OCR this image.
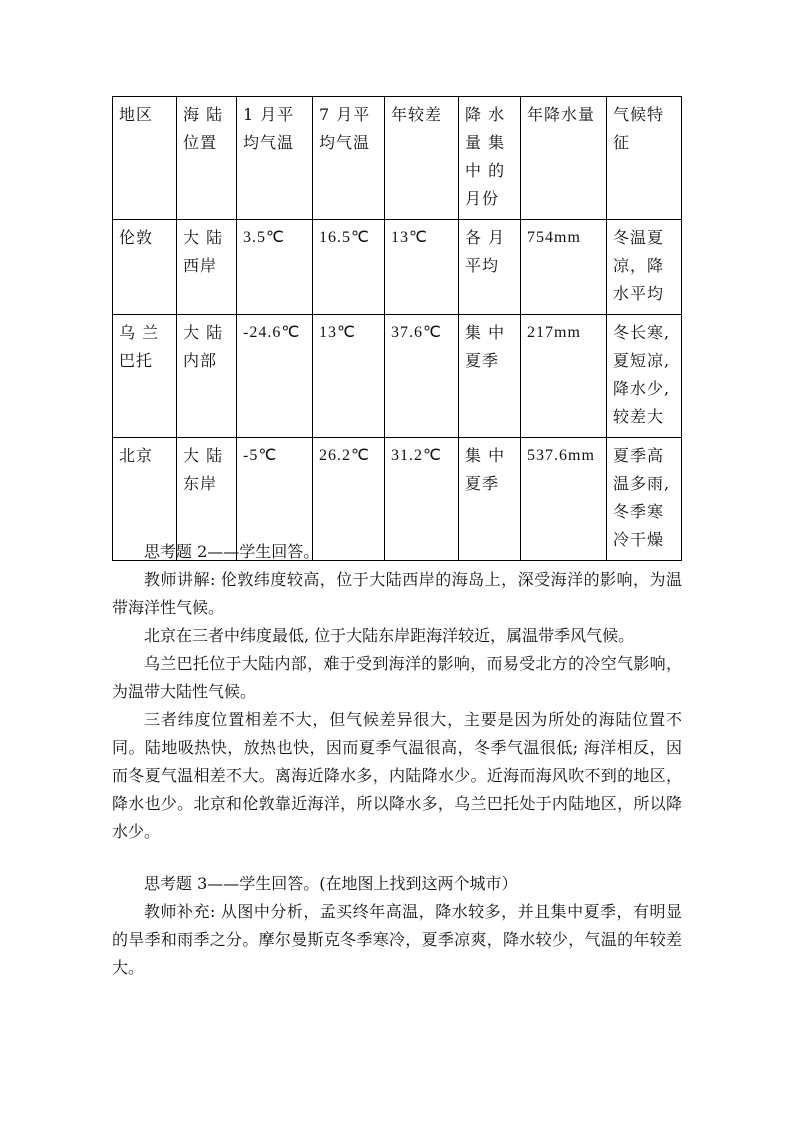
地区	海 陆位置	1 月平均气温	7 月平均气温	年较差	降 水量 集中 的月份	年降水量	气候特征
伦敦	大 陆西岸	3.5℃	16.5℃	13℃	各 月平均	754mm	冬温夏凉，降水平均
乌 兰巴托	大 陆内部	-24.6℃	13℃	37.6℃	集 中夏季	217mm	冬长寒,夏短凉,降水少,较差大
北京	大 陆东岸	-5℃	26.2℃	31.2℃	集 中夏季	537.6mm	夏季高温多雨,冬季寒冷干燥

思考题 2——学生回答。

教师讲解: 伦敦纬度较高，位于大陆西岸的海岛上，深受海洋的影响，为温带海洋性气候。

北京在三者中纬度最低, 位于大陆东岸距海洋较近，属温带季风气候。

乌兰巴托位于大陆内部，难于受到海洋的影响，而易受北方的冷空气影响，为温带大陆性气候。

三者纬度位置相差不大，但气候差异很大，主要是因为所处的海陆位置不同。陆地吸热快，放热也快，因而夏季气温很高，冬季气温很低; 海洋相反，因而冬夏气温相差不大。离海近降水多，内陆降水少。近海而海风吹不到的地区，降水也少。北京和伦敦靠近海洋，所以降水多，乌兰巴托处于内陆地区，所以降水少。

思考题 3——学生回答。(在地图上找到这两个城市）

教师补充: 从图中分析，孟买终年高温，降水较多，并且集中夏季，有明显的旱季和雨季之分。摩尔曼斯克冬季寒冷，夏季凉爽，降水较少，气温的年较差大。
